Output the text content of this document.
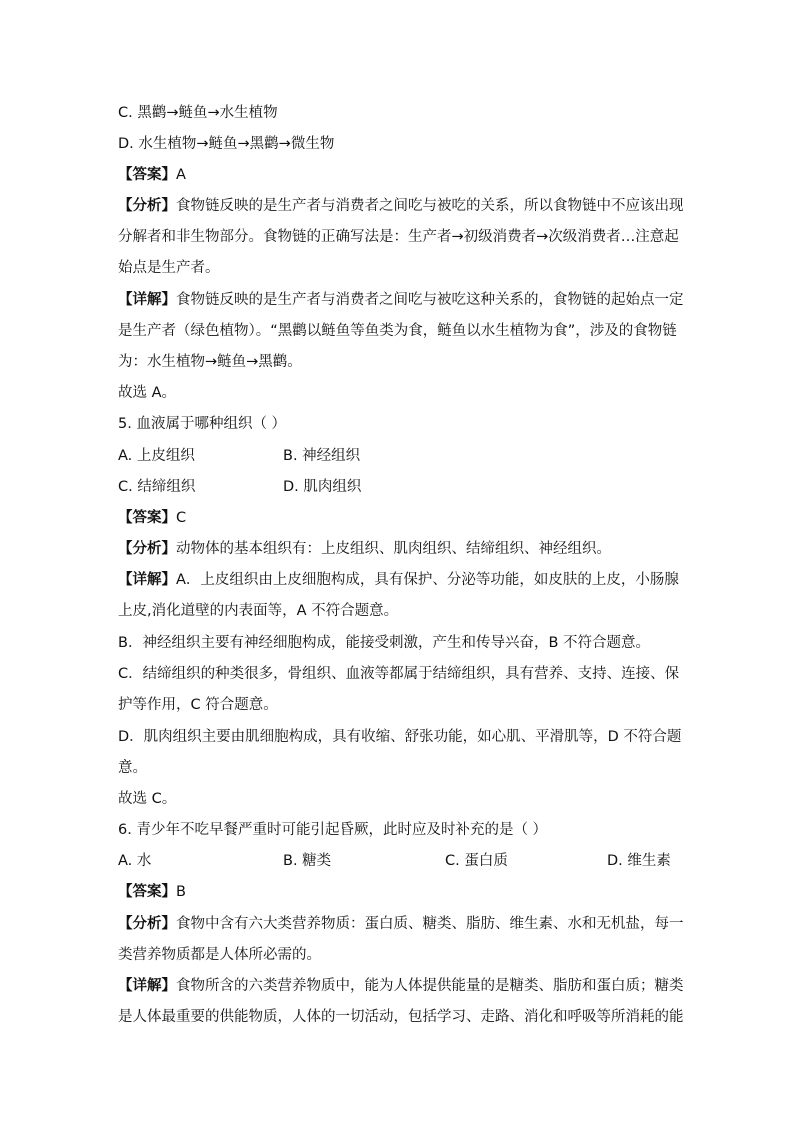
C. 黑鹳→鲢鱼→水生植物
D. 水生植物→鲢鱼→黑鹳→微生物
【答案】A
【分析】食物链反映的是生产者与消费者之间吃与被吃的关系，所以食物链中不应该出现
分解者和非生物部分。食物链的正确写法是：生产者→初级消费者→次级消费者…注意起
始点是生产者。
【详解】食物链反映的是生产者与消费者之间吃与被吃这种关系的，食物链的起始点一定
是生产者（绿色植物）。“黑鹳以鲢鱼等鱼类为食，鲢鱼以水生植物为食”，涉及的食物链
为：水生植物→鲢鱼→黑鹳。
故选 A。
5. 血液属于哪种组织（ ）
A. 上皮组织	B. 神经组织
C. 结缔组织	D. 肌肉组织
【答案】C
【分析】动物体的基本组织有：上皮组织、肌肉组织、结缔组织、神经组织。
【详解】A．上皮组织由上皮细胞构成，具有保护、分泌等功能，如皮肤的上皮，小肠腺
上皮,消化道壁的内表面等，A 不符合题意。
B．神经组织主要有神经细胞构成，能接受刺激，产生和传导兴奋，B 不符合题意。
C．结缔组织的种类很多，骨组织、血液等都属于结缔组织，具有营养、支持、连接、保
护等作用，C 符合题意。
D．肌肉组织主要由肌细胞构成，具有收缩、舒张功能，如心肌、平滑肌等，D 不符合题
意。
故选 C。
6. 青少年不吃早餐严重时可能引起昏厥，此时应及时补充的是（ ）
A. 水	B. 糖类	C. 蛋白质	D. 维生素
【答案】B
【分析】食物中含有六大类营养物质：蛋白质、糖类、脂肪、维生素、水和无机盐，每一
类营养物质都是人体所必需的。
【详解】食物所含的六类营养物质中，能为人体提供能量的是糖类、脂肪和蛋白质；糖类
是人体最重要的供能物质，人体的一切活动，包括学习、走路、消化和呼吸等所消耗的能
